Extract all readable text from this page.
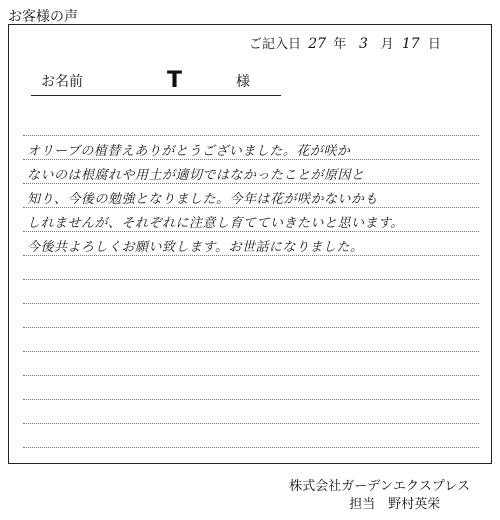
お客様の声
ご記入日 27 年 3 月 17 日
お名前	T	様
オリーブの植替えありがとうございました。花が咲か
ないのは根腐れや用土が適切ではなかったことが原因と
知り、今後の勉強となりました。今年は花が咲かないかも
しれませんが、それぞれに注意し育てていきたいと思います。
今後共よろしくお願い致します。お世話になりました。
株式会社ガーデンエクスプレス
担当　野村英栄
